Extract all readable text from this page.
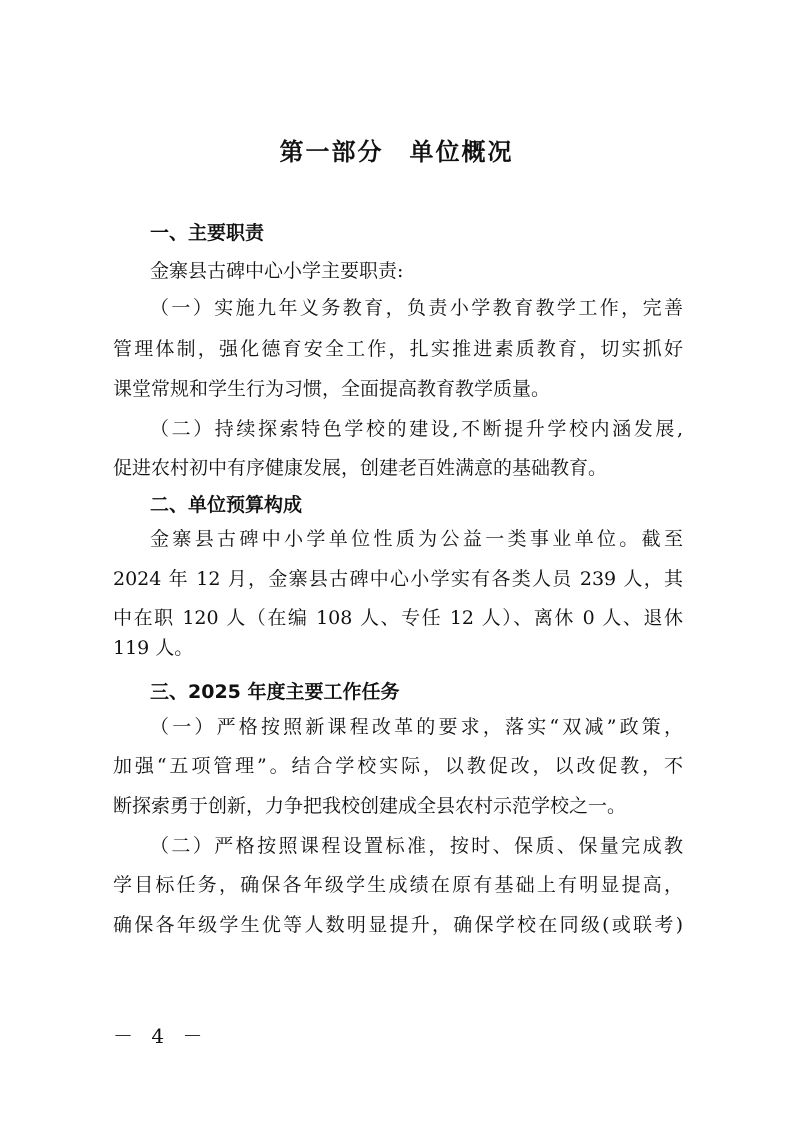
第一部分　单位概况
一、主要职责
金寨县古碑中心小学主要职责:
（一）实施九年义务教育，负责小学教育教学工作，完善
管理体制，强化德育安全工作，扎实推进素质教育，切实抓好
课堂常规和学生行为习惯，全面提高教育教学质量。
（二）持续探索特色学校的建设,不断提升学校内涵发展,
促进农村初中有序健康发展，创建老百姓满意的基础教育。
二、单位预算构成
金寨县古碑中小学单位性质为公益一类事业单位。截至
2024 年 12 月，金寨县古碑中心小学实有各类人员 239 人，其
中在职 120 人（在编 108 人、专任 12 人）、离休 0 人、退休
119 人。
三、2025 年度主要工作任务
（一）严格按照新课程改革的要求，落实“双减”政策，
加强“五项管理”。结合学校实际，以教促改，以改促教，不
断探索勇于创新，力争把我校创建成全县农村示范学校之一。
（二）严格按照课程设置标准，按时、保质、保量完成教
学目标任务，确保各年级学生成绩在原有基础上有明显提高，
确保各年级学生优等人数明显提升，确保学校在同级(或联考)
－ 4 －
